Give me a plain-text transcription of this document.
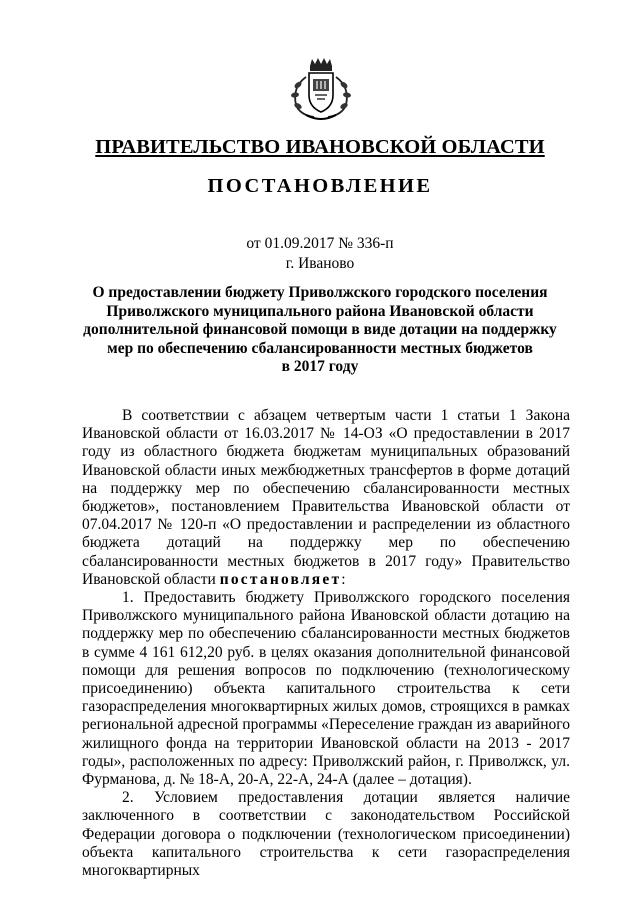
ПРАВИТЕЛЬСТВО ИВАНОВСКОЙ ОБЛАСТИ
ПОСТАНОВЛЕНИЕ
от 01.09.2017 № 336-п
г. Иваново
О предоставлении бюджету Приволжского городского поселения
Приволжского муниципального района Ивановской области
дополнительной финансовой помощи в виде дотации на поддержку
мер по обеспечению сбалансированности местных бюджетов
в 2017 году

В соответствии с абзацем четвертым части 1 статьи 1 Закона Ивановской области от 16.03.2017 № 14-ОЗ «О предоставлении в 2017 году из областного бюджета бюджетам муниципальных образований Ивановской области иных межбюджетных трансфертов в форме дотаций на поддержку мер по обеспечению сбалансированности местных бюджетов», постановлением Правительства Ивановской области от 07.04.2017 № 120-п «О предоставлении и распределении из областного бюджета дотаций на поддержку мер по обеспечению сбалансированности местных бюджетов в 2017 году» Правительство Ивановской области постановляет:

1. Предоставить бюджету Приволжского городского поселения Приволжского муниципального района Ивановской области дотацию на поддержку мер по обеспечению сбалансированности местных бюджетов в сумме 4 161 612,20 руб. в целях оказания дополнительной финансовой помощи для решения вопросов по подключению (технологическому присоединению) объекта капитального строительства к сети газораспределения многоквартирных жилых домов, строящихся в рамках региональной адресной программы «Переселение граждан из аварийного жилищного фонда на территории Ивановской области на 2013 - 2017 годы», расположенных по адресу: Приволжский район, г. Приволжск, ул. Фурманова, д. № 18-А, 20-А, 22-А, 24-А (далее – дотация).

2. Условием предоставления дотации является наличие заключенного в соответствии с законодательством Российской Федерации договора о подключении (технологическом присоединении) объекта капитального строительства к сети газораспределения многоквартирных
